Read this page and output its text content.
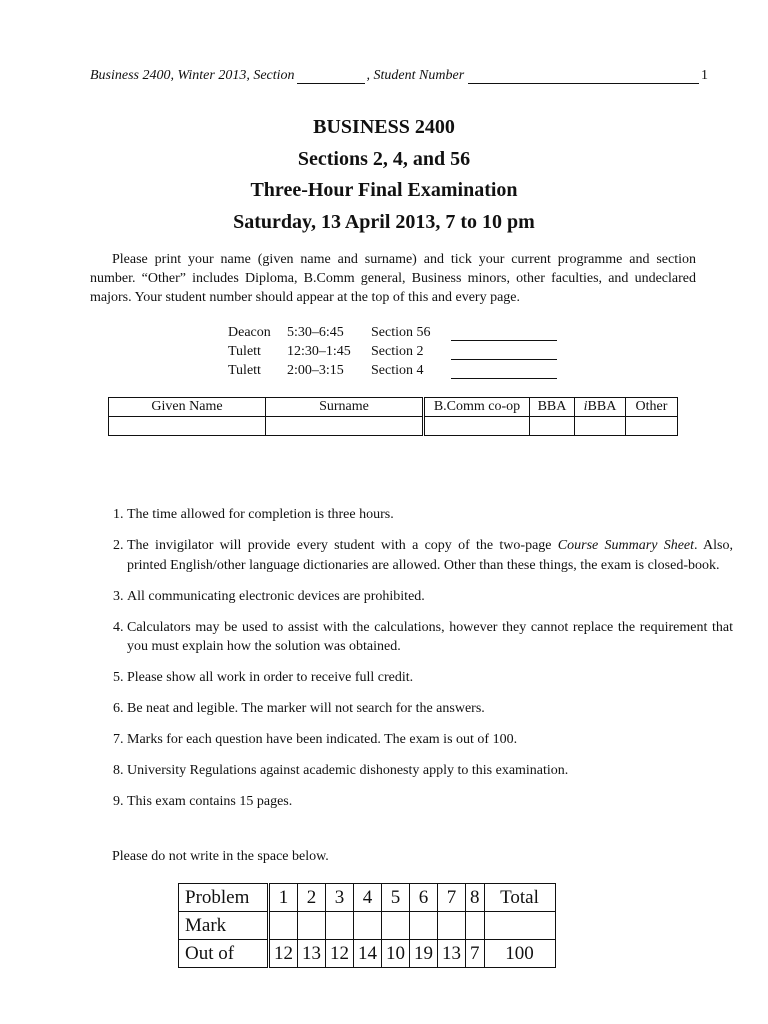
Business 2400, Winter 2013, Section	, Student Number	1
BUSINESS 2400
Sections 2, 4, and 56
Three-Hour Final Examination
Saturday, 13 April 2013, 7 to 10 pm

Please print your name (given name and surname) and tick your current programme and section number. “Other” includes Diploma, B.Comm general, Business minors, other faculties, and undeclared majors. Your student number should appear at the top of this and every page.

Deacon	5:30–6:45	Section 56
Tulett	12:30–1:45	Section 2
Tulett	2:00–3:15	Section 4
Given Name	Surname	B.Comm co-op	BBA	iBBA	Other

1. The time allowed for completion is three hours.
2. The invigilator will provide every student with a copy of the two-page Course Summary Sheet. Also, printed English/other language dictionaries are allowed. Other than these things, the exam is closed-book.
3. All communicating electronic devices are prohibited.
4. Calculators may be used to assist with the calculations, however they cannot replace the requirement that you must explain how the solution was obtained.
5. Please show all work in order to receive full credit.
6. Be neat and legible. The marker will not search for the answers.
7. Marks for each question have been indicated. The exam is out of 100.
8. University Regulations against academic dishonesty apply to this examination.
9. This exam contains 15 pages.
Please do not write in the space below.
Problem	1	2	3	4	5	6	7	8	Total
Mark									
Out of	12	13	12	14	10	19	13	7	100
